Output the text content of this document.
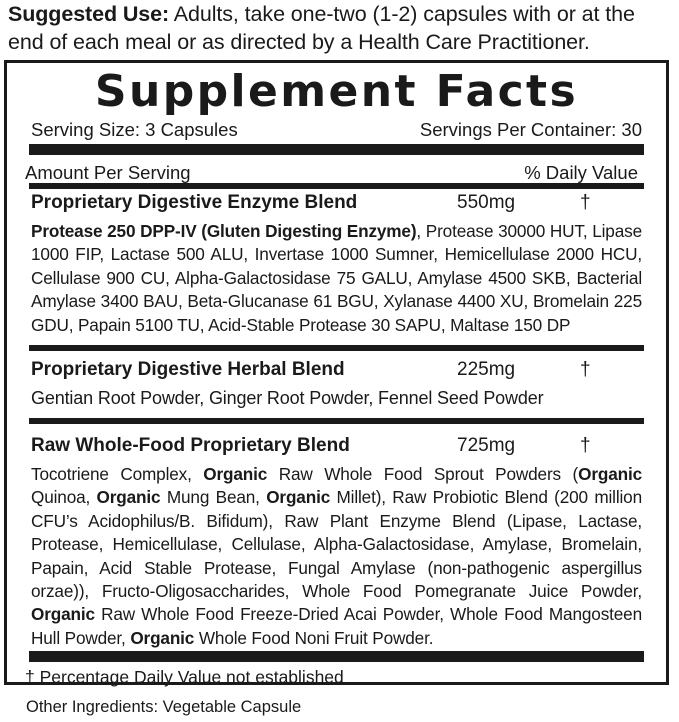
Suggested Use: Adults, take one-two (1-2) capsules with or at the end of each meal or as directed by a Health Care Practitioner.
Supplement Facts
Serving Size: 3 Capsules	Servings Per Container: 30
Amount Per Serving	% Daily Value
Proprietary Digestive Enzyme Blend	550mg	†
Protease 250 DPP-IV (Gluten Digesting Enzyme), Protease 30000 HUT, Lipase 1000 FIP, Lactase 500 ALU, Invertase 1000 Sumner, Hemicellulase 2000 HCU, Cellulase 900 CU, Alpha-Galactosidase 75 GALU, Amylase 4500 SKB, Bacterial Amylase 3400 BAU, Beta-Glucanase 61 BGU, Xylanase 4400 XU, Bromelain 225 GDU, Papain 5100 TU, Acid-Stable Protease 30 SAPU, Maltase 150 DP
Proprietary Digestive Herbal Blend	225mg	†
Gentian Root Powder, Ginger Root Powder, Fennel Seed Powder
Raw Whole-Food Proprietary Blend	725mg	†
Tocotriene Complex, Organic Raw Whole Food Sprout Powders (Organic Quinoa, Organic Mung Bean, Organic Millet), Raw Probiotic Blend (200 million CFU’s Acidophilus/B. Bifidum), Raw Plant Enzyme Blend (Lipase, Lactase, Protease, Hemicellulase, Cellulase, Alpha-Galactosidase, Amylase, Bromelain, Papain, Acid Stable Protease, Fungal Amylase (non-pathogenic aspergillus orzae)), Fructo-Oligosaccharides, Whole Food Pomegranate Juice Powder, Organic Raw Whole Food Freeze-Dried Acai Powder, Whole Food Mangosteen Hull Powder, Organic Whole Food Noni Fruit Powder.
† Percentage Daily Value not established
Other Ingredients: Vegetable Capsule
